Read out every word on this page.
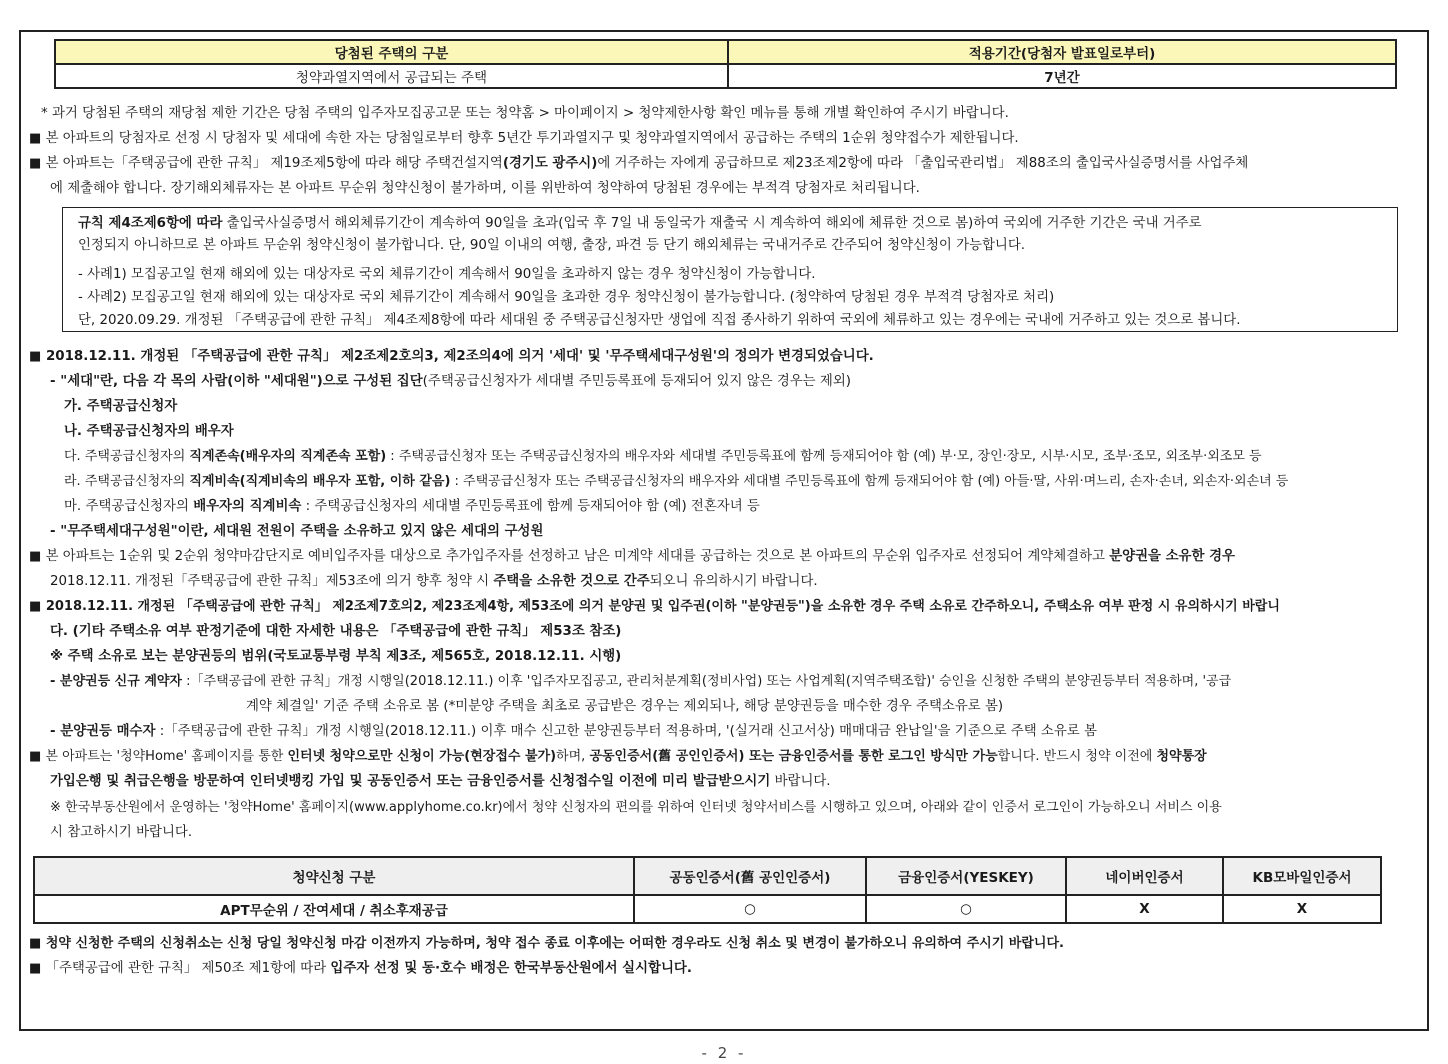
당첨된 주택의 구분	적용기간(당첨자 발표일로부터)
청약과열지역에서 공급되는 주택	7년간
* 과거 당첨된 주택의 재당첨 제한 기간은 당첨 주택의 입주자모집공고문 또는 청약홈 > 마이페이지 > 청약제한사항 확인 메뉴를 통해 개별 확인하여 주시기 바랍니다.
■ 본 아파트의 당첨자로 선정 시 당첨자 및 세대에 속한 자는 당첨일로부터 향후 5년간 투기과열지구 및 청약과열지역에서 공급하는 주택의 1순위 청약접수가 제한됩니다.
■ 본 아파트는「주택공급에 관한 규칙」 제19조제5항에 따라 해당 주택건설지역(경기도 광주시)에 거주하는 자에게 공급하므로 제23조제2항에 따라 「출입국관리법」 제88조의 출입국사실증명서를 사업주체
에 제출해야 합니다. 장기해외체류자는 본 아파트 무순위 청약신청이 불가하며, 이를 위반하여 청약하여 당첨된 경우에는 부적격 당첨자로 처리됩니다.
규칙 제4조제6항에 따라 출입국사실증명서 해외체류기간이 계속하여 90일을 초과(입국 후 7일 내 동일국가 재출국 시 계속하여 해외에 체류한 것으로 봄)하여 국외에 거주한 기간은 국내 거주로
인정되지 아니하므로 본 아파트 무순위 청약신청이 불가합니다. 단, 90일 이내의 여행, 출장, 파견 등 단기 해외체류는 국내거주로 간주되어 청약신청이 가능합니다.
- 사례1) 모집공고일 현재 해외에 있는 대상자로 국외 체류기간이 계속해서 90일을 초과하지 않는 경우 청약신청이 가능합니다.
- 사례2) 모집공고일 현재 해외에 있는 대상자로 국외 체류기간이 계속해서 90일을 초과한 경우 청약신청이 불가능합니다. (청약하여 당첨된 경우 부적격 당첨자로 처리)
단, 2020.09.29. 개정된 「주택공급에 관한 규칙」 제4조제8항에 따라 세대원 중 주택공급신청자만 생업에 직접 종사하기 위하여 국외에 체류하고 있는 경우에는 국내에 거주하고 있는 것으로 봅니다.
■ 2018.12.11. 개정된 「주택공급에 관한 규칙」 제2조제2호의3, 제2조의4에 의거 '세대' 및 '무주택세대구성원'의 정의가 변경되었습니다.
- "세대"란, 다음 각 목의 사람(이하 "세대원")으로 구성된 집단(주택공급신청자가 세대별 주민등록표에 등재되어 있지 않은 경우는 제외)
가. 주택공급신청자
나. 주택공급신청자의 배우자
다. 주택공급신청자의 직계존속(배우자의 직계존속 포함) : 주택공급신청자 또는 주택공급신청자의 배우자와 세대별 주민등록표에 함께 등재되어야 함 (예) 부·모, 장인·장모, 시부·시모, 조부·조모, 외조부·외조모 등
라. 주택공급신청자의 직계비속(직계비속의 배우자 포함, 이하 같음) : 주택공급신청자 또는 주택공급신청자의 배우자와 세대별 주민등록표에 함께 등재되어야 함 (예) 아들·딸, 사위·며느리, 손자·손녀, 외손자·외손녀 등
마. 주택공급신청자의 배우자의 직계비속 : 주택공급신청자의 세대별 주민등록표에 함께 등재되어야 함 (예) 전혼자녀 등
- "무주택세대구성원"이란, 세대원 전원이 주택을 소유하고 있지 않은 세대의 구성원
■ 본 아파트는 1순위 및 2순위 청약마감단지로 예비입주자를 대상으로 추가입주자를 선정하고 남은 미계약 세대를 공급하는 것으로 본 아파트의 무순위 입주자로 선정되어 계약체결하고 분양권을 소유한 경우
2018.12.11. 개정된「주택공급에 관한 규칙」제53조에 의거 향후 청약 시 주택을 소유한 것으로 간주되오니 유의하시기 바랍니다.
■ 2018.12.11. 개정된 「주택공급에 관한 규칙」 제2조제7호의2, 제23조제4항, 제53조에 의거 분양권 및 입주권(이하 "분양권등")을 소유한 경우 주택 소유로 간주하오니, 주택소유 여부 판정 시 유의하시기 바랍니
다. (기타 주택소유 여부 판정기준에 대한 자세한 내용은 「주택공급에 관한 규칙」 제53조 참조)
※ 주택 소유로 보는 분양권등의 범위(국토교통부령 부칙 제3조, 제565호, 2018.12.11. 시행)
- 분양권등 신규 계약자 :「주택공급에 관한 규칙」개정 시행일(2018.12.11.) 이후 '입주자모집공고, 관리처분계획(정비사업) 또는 사업계획(지역주택조합)' 승인을 신청한 주택의 분양권등부터 적용하며, '공급
계약 체결일' 기준 주택 소유로 봄 (*미분양 주택을 최초로 공급받은 경우는 제외되나, 해당 분양권등을 매수한 경우 주택소유로 봄)
- 분양권등 매수자 :「주택공급에 관한 규칙」개정 시행일(2018.12.11.) 이후 매수 신고한 분양권등부터 적용하며, '(실거래 신고서상) 매매대금 완납일'을 기준으로 주택 소유로 봄
■ 본 아파트는 '청약Home' 홈페이지를 통한 인터넷 청약으로만 신청이 가능(현장접수 불가)하며, 공동인증서(舊 공인인증서) 또는 금융인증서를 통한 로그인 방식만 가능합니다. 반드시 청약 이전에 청약통장
가입은행 및 취급은행을 방문하여 인터넷뱅킹 가입 및 공동인증서 또는 금융인증서를 신청접수일 이전에 미리 발급받으시기 바랍니다.
※ 한국부동산원에서 운영하는 '청약Home' 홈페이지(www.applyhome.co.kr)에서 청약 신청자의 편의를 위하여 인터넷 청약서비스를 시행하고 있으며, 아래와 같이 인증서 로그인이 가능하오니 서비스 이용
시 참고하시기 바랍니다.
청약신청 구분	공동인증서(舊 공인인증서)	금융인증서(YESKEY)	네이버인증서	KB모바일인증서
APT무순위 / 잔여세대 / 취소후재공급	○	○	X	X
■ 청약 신청한 주택의 신청취소는 신청 당일 청약신청 마감 이전까지 가능하며, 청약 접수 종료 이후에는 어떠한 경우라도 신청 취소 및 변경이 불가하오니 유의하여 주시기 바랍니다.
■ 「주택공급에 관한 규칙」 제50조 제1항에 따라 입주자 선정 및 동·호수 배정은 한국부동산원에서 실시합니다.
- 2 -
